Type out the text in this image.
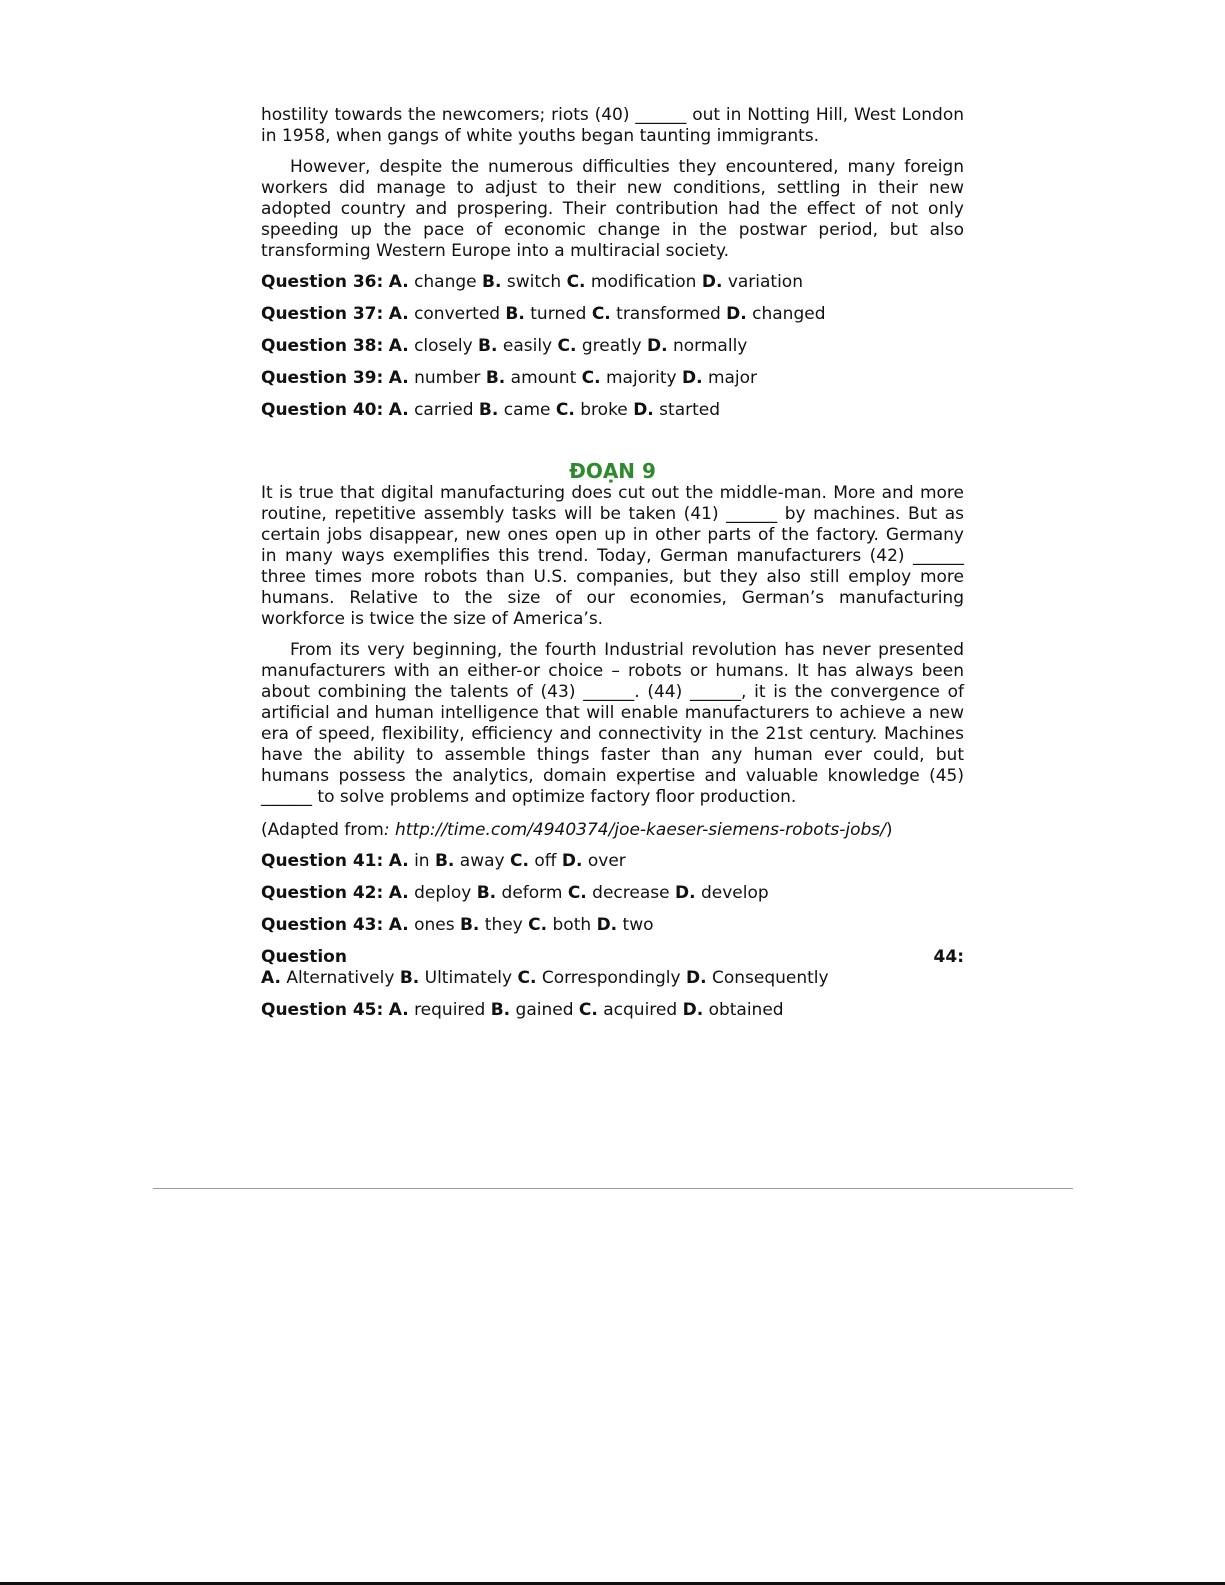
hostility towards the newcomers; riots (40) ______ out in Notting Hill, West London in 1958, when gangs of white youths began taunting immigrants.

However, despite the numerous difficulties they encountered, many foreign workers did manage to adjust to their new conditions, settling in their new adopted country and prospering. Their contribution had the effect of not only speeding up the pace of economic change in the postwar period, but also transforming Western Europe into a multiracial society.

Question 36: A. change B. switch C. modification D. variation
Question 37: A. converted B. turned C. transformed D. changed
Question 38: A. closely B. easily C. greatly D. normally
Question 39: A. number B. amount C. majority D. major
Question 40: A. carried B. came C. broke D. started
ĐOẠN 9

It is true that digital manufacturing does cut out the middle-man. More and more routine, repetitive assembly tasks will be taken (41) ______ by machines. But as certain jobs disappear, new ones open up in other parts of the factory. Germany in many ways exemplifies this trend. Today, German manufacturers (42) ______ three times more robots than U.S. companies, but they also still employ more humans. Relative to the size of our economies, German’s manufacturing workforce is twice the size of America’s.

From its very beginning, the fourth Industrial revolution has never presented manufacturers with an either-or choice – robots or humans. It has always been about combining the talents of (43) ______. (44) ______, it is the convergence of artificial and human intelligence that will enable manufacturers to achieve a new era of speed, flexibility, efficiency and connectivity in the 21st century. Machines have the ability to assemble things faster than any human ever could, but humans possess the analytics, domain expertise and valuable knowledge (45) ______ to solve problems and optimize factory floor production.

(Adapted from: http://time.com/4940374/joe-kaeser-siemens-robots-jobs/)
Question 41: A. in B. away C. off D. over
Question 42: A. deploy B. deform C. decrease D. develop
Question 43: A. ones B. they C. both D. two
Question	44:
A. Alternatively B. Ultimately C. Correspondingly D. Consequently
Question 45: A. required B. gained C. acquired D. obtained
